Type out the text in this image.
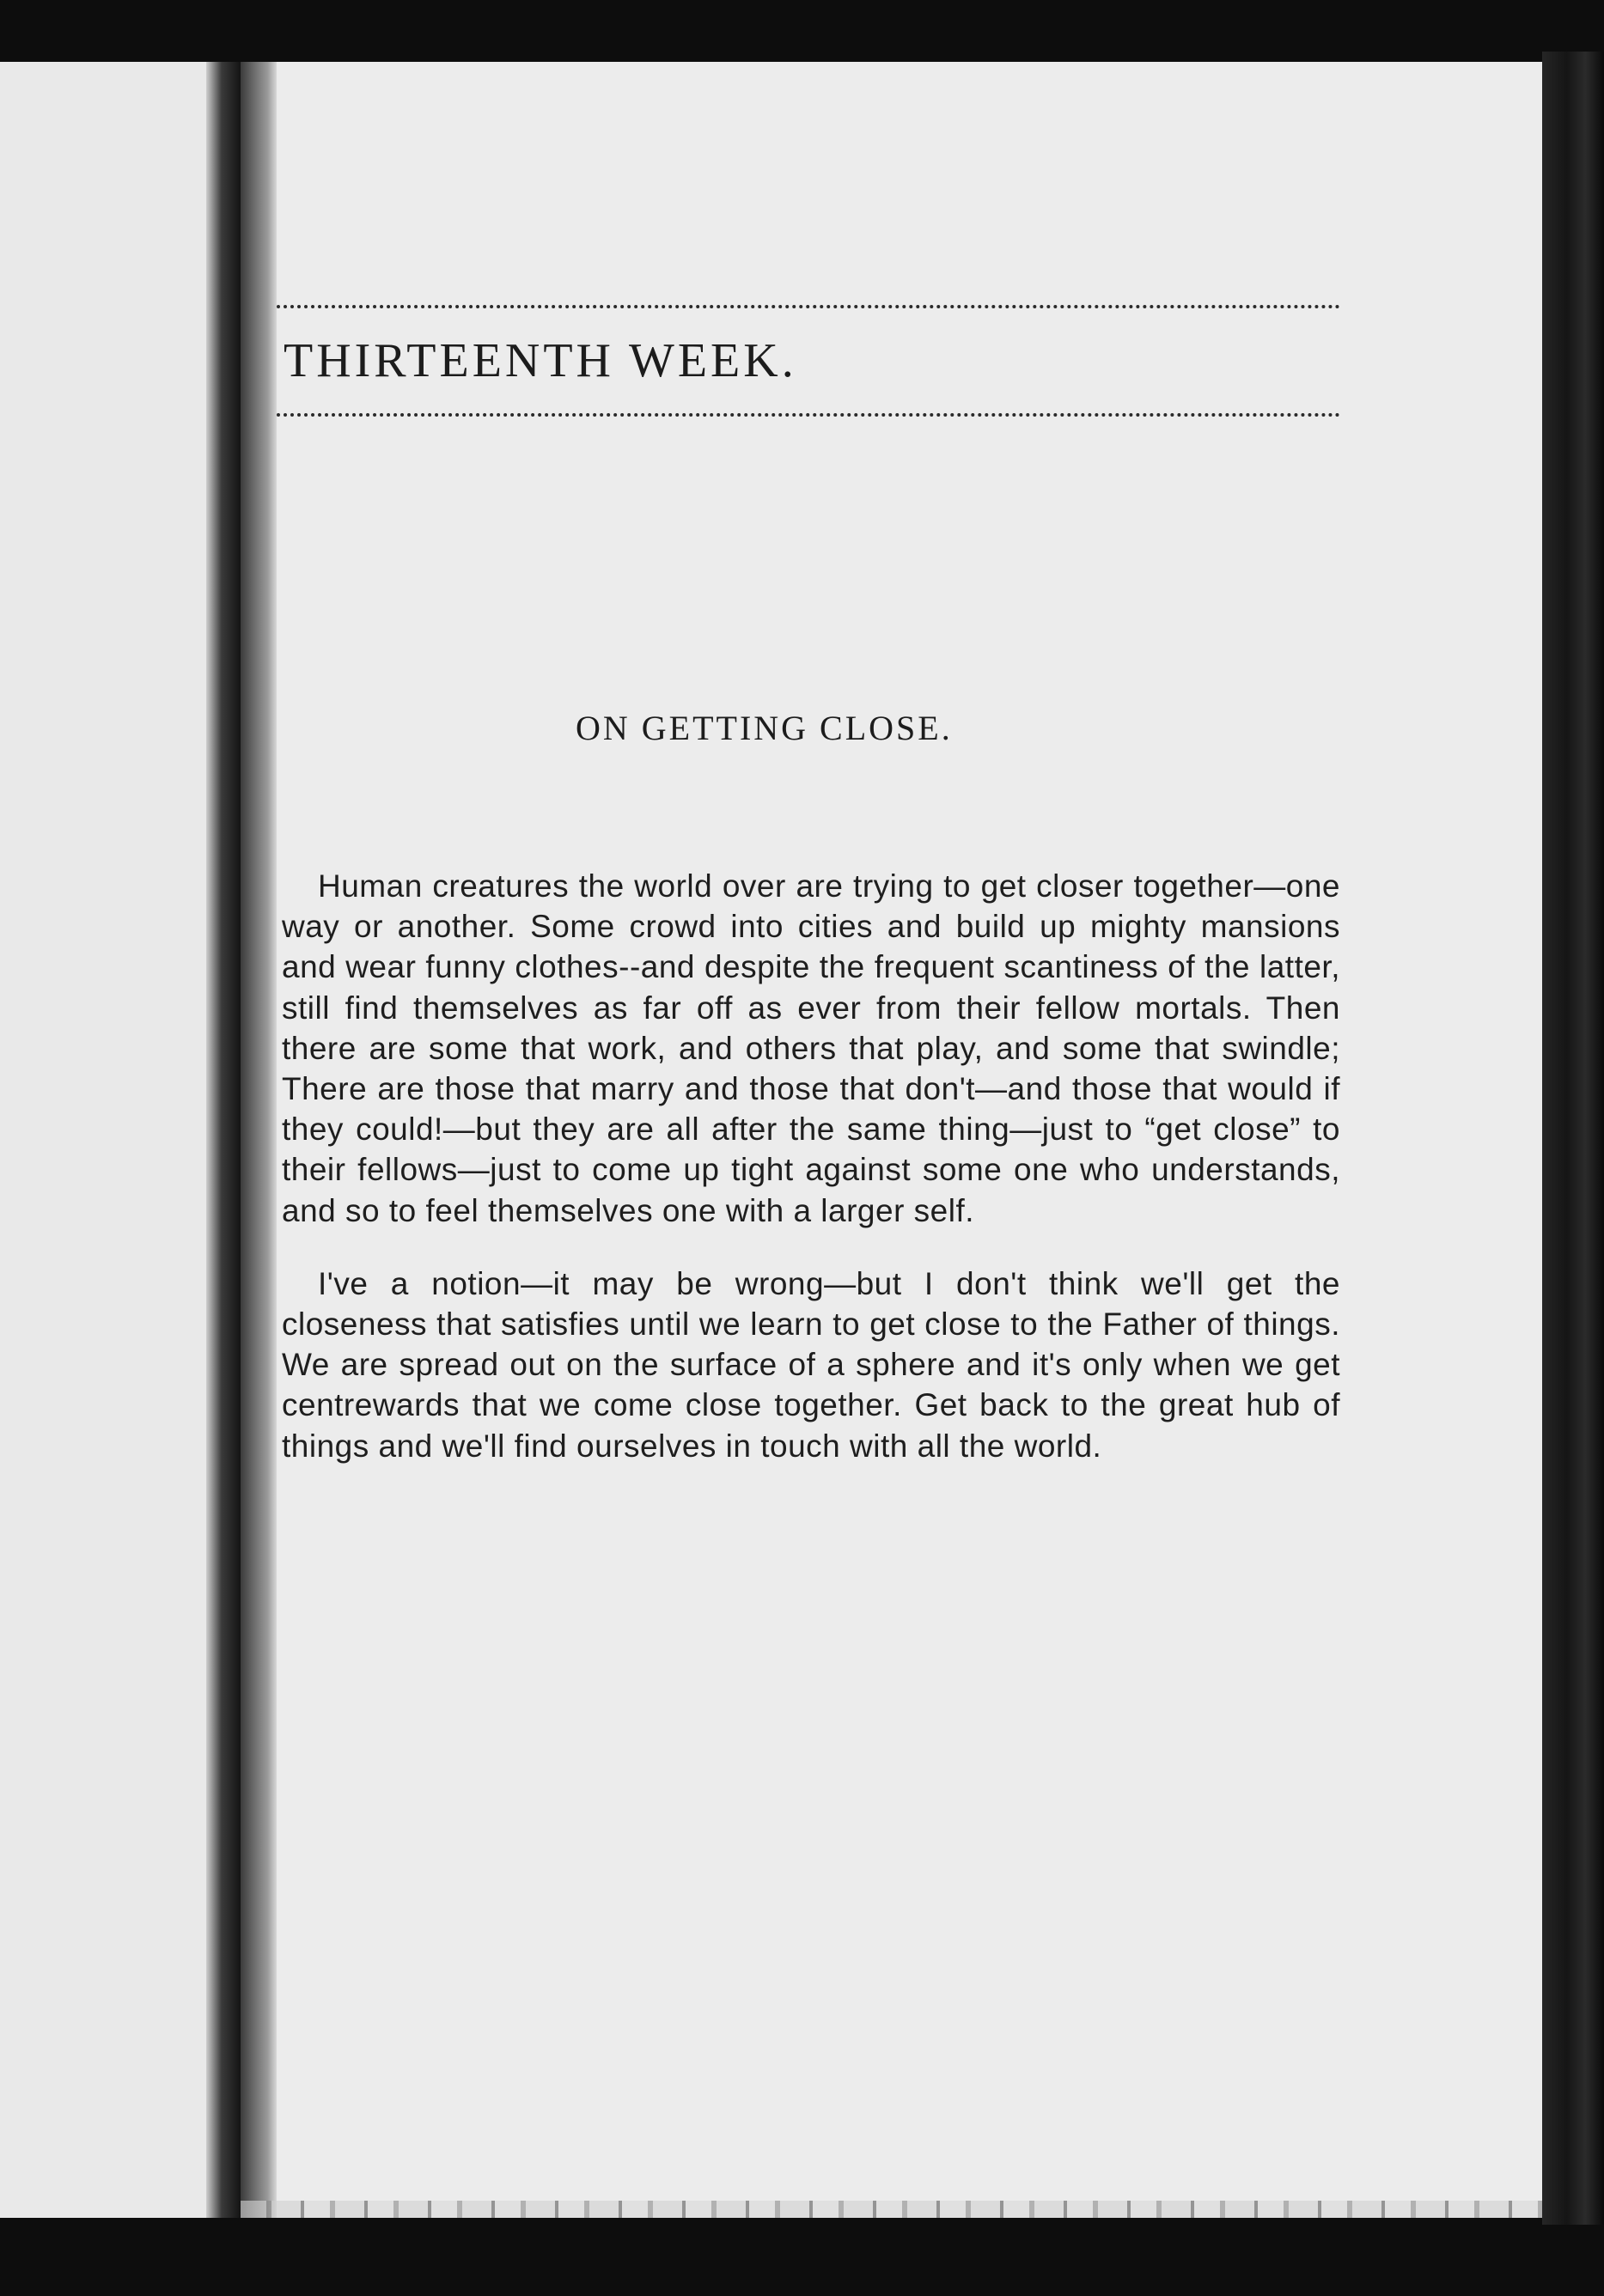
THIRTEENTH WEEK.
ON GETTING CLOSE.

Human creatures the world over are trying to get closer together—one way or another. Some crowd into cities and build up mighty mansions and wear funny clothes--and despite the frequent scantiness of the latter, still find themselves as far off as ever from their fellow mortals. Then there are some that work, and others that play, and some that swindle; There are those that marry and those that don't—and those that would if they could!—but they are all after the same thing—just to “get close” to their fellows—just to come up tight against some one who understands, and so to feel themselves one with a larger self.

I've a notion—it may be wrong—but I don't think we'll get the closeness that satisfies until we learn to get close to the Father of things. We are spread out on the surface of a sphere and it's only when we get centrewards that we come close together. Get back to the great hub of things and we'll find ourselves in touch with all the world.
